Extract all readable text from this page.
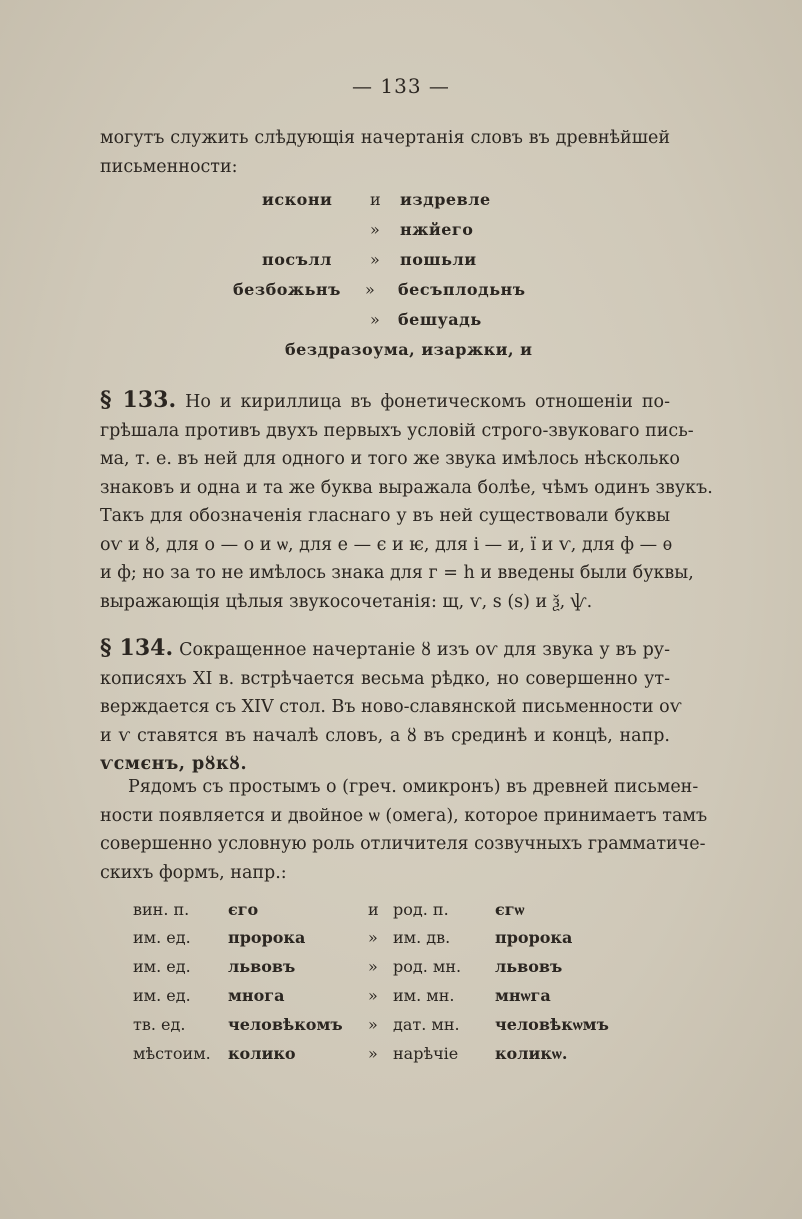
— 133 —
могутъ служить слѣдующія начертанія словъ въ древнѣйшей
письменности:
искони и издревле
» нжйего
посълл » пошьли
безбожьнъ » бесъплодьнъ
» бешуадь
бездразоума, изаржки, и
§ 133. Но и кириллица въ фонетическомъ отношеніи по-
грѣшала противъ двухъ первыхъ условій строго-звуковаго пись-
ма, т. е. въ ней для одного и того же звука имѣлось нѣсколько
знаковъ и одна и та же буква выражала болѣе, чѣмъ одинъ звукъ.
Такъ для обозначенія гласнаго у въ ней существовали буквы
оѵ и ȣ, для о — о и ѡ, для е — є и ѥ, для і — и, ї и ѵ, для ф — ѳ
и ф; но за то не имѣлось знака для г = h и введены были буквы,
выражающія цѣлыя звукосочетанія: щ, ѵ, ѕ (ѕ) и ѯ, ѱ.
§ 134. Сокращенное начертаніе ȣ изъ оѵ для звука у въ ру-
кописяхъ XI в. встрѣчается весьма рѣдко, но совершенно ут-
верждается съ XIV стол. Въ ново-славянской письменности оѵ
и ѵ ставятся въ началѣ словъ, а ȣ въ срединѣ и концѣ, напр.
ѵсмєнъ, рȣкȣ.
Рядомъ съ простымъ о (греч. омикронъ) въ древней письмен-
ности появляется и двойное ѡ (омега), которое принимаетъ тамъ
совершенно условную роль отличителя созвучныхъ грамматиче-
скихъ формъ, напр.:
вин. п. єго	и род. п.	єгѡ
им. ед. пророка	» им. дв.	пророка
им. ед. львовъ	» род. мн. львовъ
им. ед. многа	» им. мн.	мнѡга
тв. ед.	человѣкомъ » дат. мн. человѣкѡмъ
мѣстоим. колико	» нарѣчіе коликѡ.
